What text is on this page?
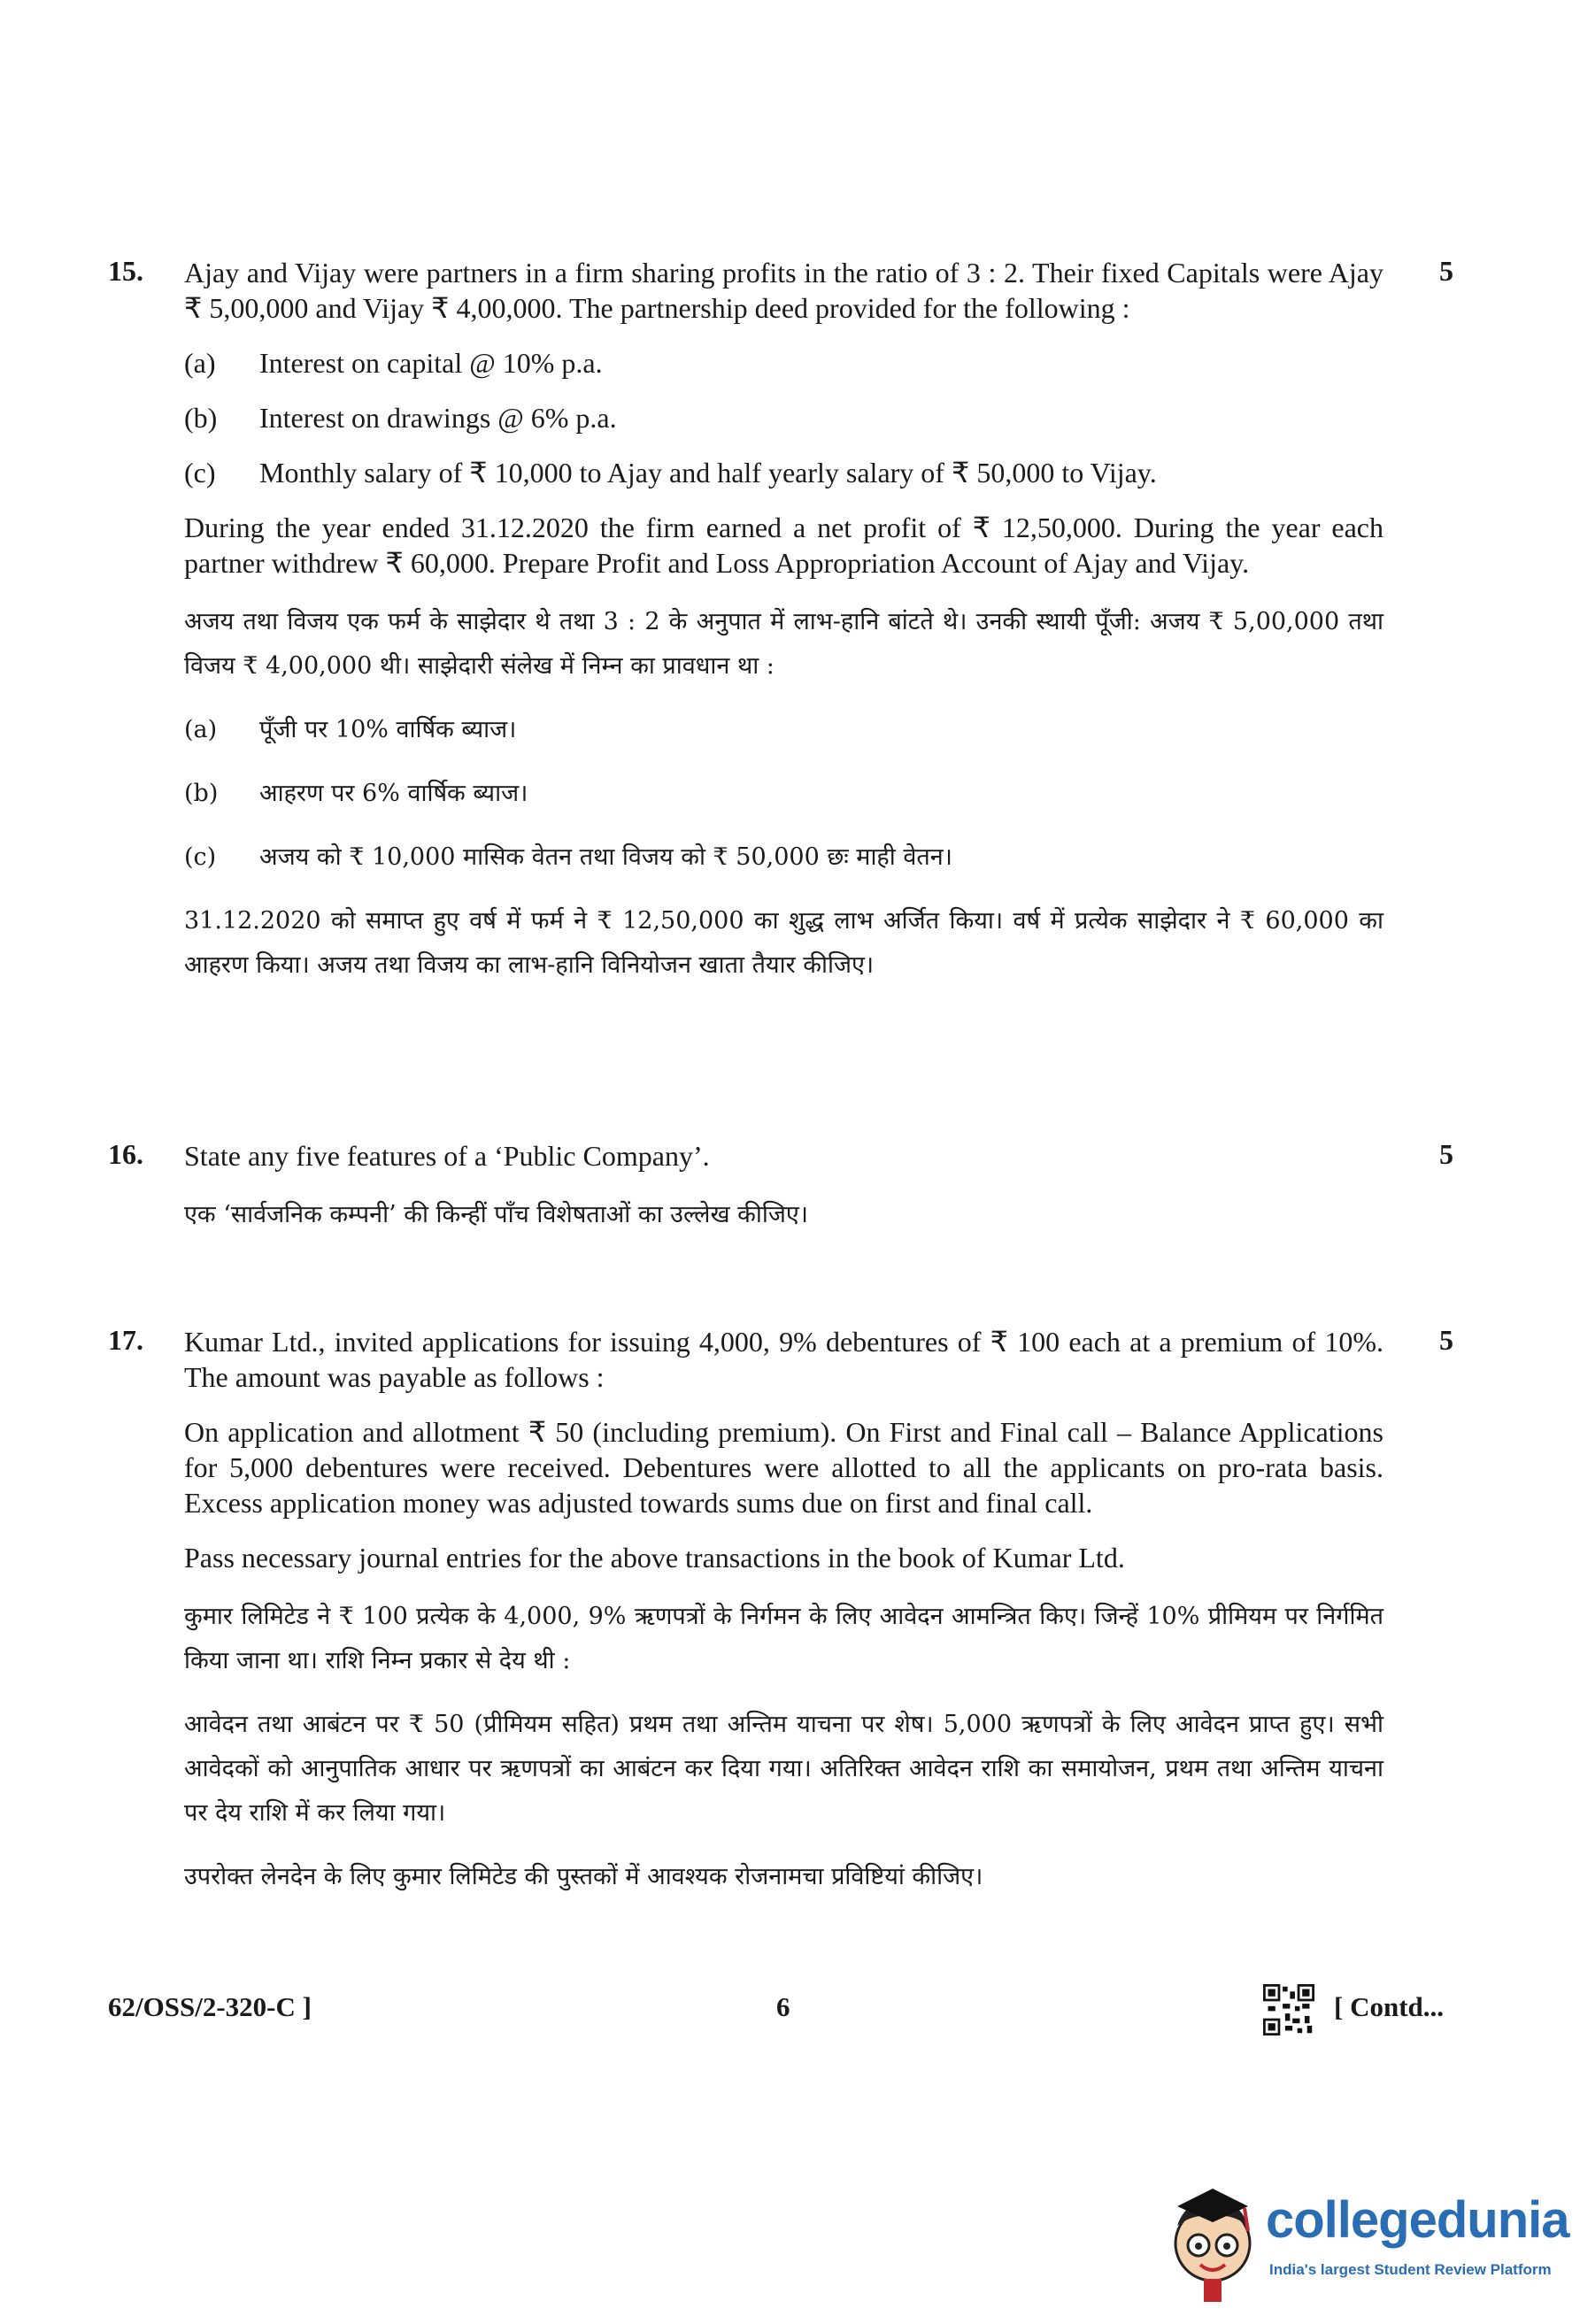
15.	5

Ajay and Vijay were partners in a firm sharing profits in the ratio of 3 : 2. Their fixed Capitals were Ajay ₹ 5,00,000 and Vijay ₹ 4,00,000. The partnership deed provided for the following :

(a)	Interest on capital @ 10% p.a.
(b)	Interest on drawings @ 6% p.a.
(c)	Monthly salary of ₹ 10,000 to Ajay and half yearly salary of ₹ 50,000 to Vijay.

During the year ended 31.12.2020 the firm earned a net profit of ₹ 12,50,000. During the year each partner withdrew ₹ 60,000. Prepare Profit and Loss Appropriation Account of Ajay and Vijay.

अजय तथा विजय एक फर्म के साझेदार थे तथा 3 : 2 के अनुपात में लाभ-हानि बांटते थे। उनकी स्थायी पूँजी: अजय ₹ 5,00,000 तथा विजय ₹ 4,00,000 थी। साझेदारी संलेख में निम्न का प्रावधान था :

(a)	पूँजी पर 10% वार्षिक ब्याज।
(b)	आहरण पर 6% वार्षिक ब्याज।
(c)	अजय को ₹ 10,000 मासिक वेतन तथा विजय को ₹ 50,000 छः माही वेतन।

31.12.2020 को समाप्त हुए वर्ष में फर्म ने ₹ 12,50,000 का शुद्ध लाभ अर्जित किया। वर्ष में प्रत्येक साझेदार ने ₹ 60,000 का आहरण किया। अजय तथा विजय का लाभ-हानि विनियोजन खाता तैयार कीजिए।

16.	5

State any five features of a ‘Public Company’.

एक ‘सार्वजनिक कम्पनी’ की किन्हीं पाँच विशेषताओं का उल्लेख कीजिए।

17.	5

Kumar Ltd., invited applications for issuing 4,000, 9% debentures of ₹ 100 each at a premium of 10%. The amount was payable as follows :

On application and allotment ₹ 50 (including premium). On First and Final call – Balance Applications for 5,000 debentures were received. Debentures were allotted to all the applicants on pro-rata basis. Excess application money was adjusted towards sums due on first and final call.

Pass necessary journal entries for the above transactions in the book of Kumar Ltd.

कुमार लिमिटेड ने ₹ 100 प्रत्येक के 4,000, 9% ऋणपत्रों के निर्गमन के लिए आवेदन आमन्त्रित किए। जिन्हें 10% प्रीमियम पर निर्गमित किया जाना था। राशि निम्न प्रकार से देय थी :

आवेदन तथा आबंटन पर ₹ 50 (प्रीमियम सहित) प्रथम तथा अन्तिम याचना पर शेष। 5,000 ऋणपत्रों के लिए आवेदन प्राप्त हुए। सभी आवेदकों को आनुपातिक आधार पर ऋणपत्रों का आबंटन कर दिया गया। अतिरिक्त आवेदन राशि का समायोजन, प्रथम तथा अन्तिम याचना पर देय राशि में कर लिया गया।

उपरोक्त लेनदेन के लिए कुमार लिमिटेड की पुस्तकों में आवश्यक रोजनामचा प्रविष्टियां कीजिए।

62/OSS/2-320-C ]	6	[ Contd...
collegedunia
India's largest Student Review Platform
